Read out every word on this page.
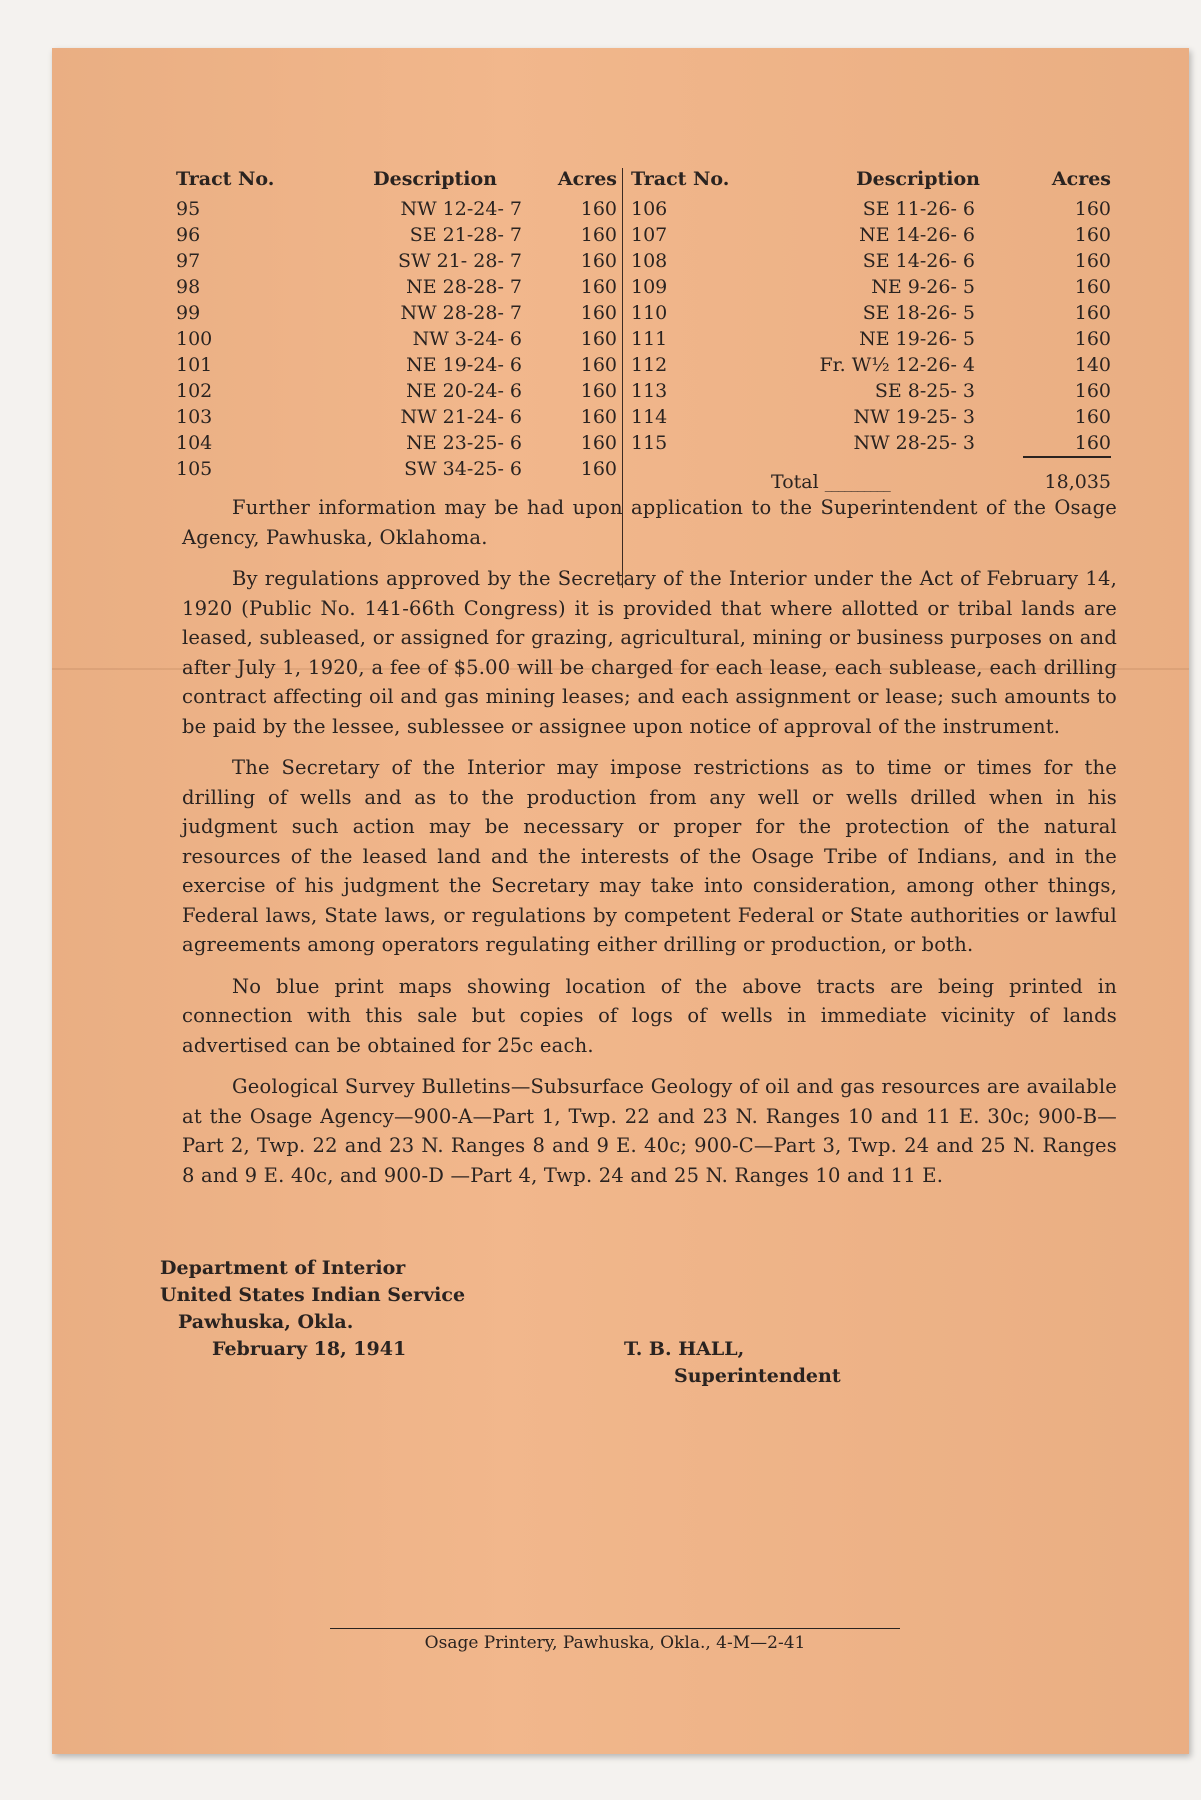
Tract No.	Description	Acres
95	NW 12-24- 7	160
96	SE 21-28- 7	160
97	SW 21- 28- 7	160
98	NE 28-28- 7	160
99	NW 28-28- 7	160
100	NW 3-24- 6	160
101	NE 19-24- 6	160
102	NE 20-24- 6	160
103	NW 21-24- 6	160
104	NE 23-25- 6	160
105	SW 34-25- 6	160
Tract No.	Description	Acres
106	SE 11-26- 6	160
107	NE 14-26- 6	160
108	SE 14-26- 6	160
109	NE 9-26- 5	160
110	SE 18-26- 5	160
111	NE 19-26- 5	160
112	Fr. W½ 12-26- 4	140
113	SE 8-25- 3	160
114	NW 19-25- 3	160
115	NW 28-25- 3	160
Total __________	18,035

Further information may be had upon application to the Superintendent of the Osage Agency, Pawhuska, Oklahoma.

By regulations approved by the Secretary of the Interior under the Act of February 14, 1920 (Public No. 141-66th Congress) it is provided that where allotted or tribal lands are leased, subleased, or assigned for grazing, agricultural, mining or business purposes on and after July 1, 1920, a fee of $5.00 will be charged for each lease, each sublease, each drilling contract affecting oil and gas mining leases; and each assignment or lease; such amounts to be paid by the lessee, sublessee or assignee upon notice of approval of the instrument.

The Secretary of the Interior may impose restrictions as to time or times for the drilling of wells and as to the production from any well or wells drilled when in his judgment such action may be necessary or proper for the protection of the natural resources of the leased land and the interests of the Osage Tribe of Indians, and in the exercise of his judgment the Secretary may take into consideration, among other things, Federal laws, State laws, or regulations by competent Federal or State authorities or lawful agreements among operators regulating either drilling or production, or both.

No blue print maps showing location of the above tracts are being printed in connection with this sale but copies of logs of wells in immediate vicinity of lands advertised can be obtained for 25c each.

Geological Survey Bulletins—Subsurface Geology of oil and gas resources are available at the Osage Agency—900-A—Part 1, Twp. 22 and 23 N. Ranges 10 and 11 E. 30c; 900-B—Part 2, Twp. 22 and 23 N. Ranges 8 and 9 E. 40c; 900-C—Part 3, Twp. 24 and 25 N. Ranges 8 and 9 E. 40c, and 900-D —Part 4, Twp. 24 and 25 N. Ranges 10 and 11 E.

Department of Interior
United States Indian Service
Pawhuska, Okla.
February 18, 1941	T. B. HALL,
Superintendent
Osage Printery, Pawhuska, Okla., 4-M—2-41
